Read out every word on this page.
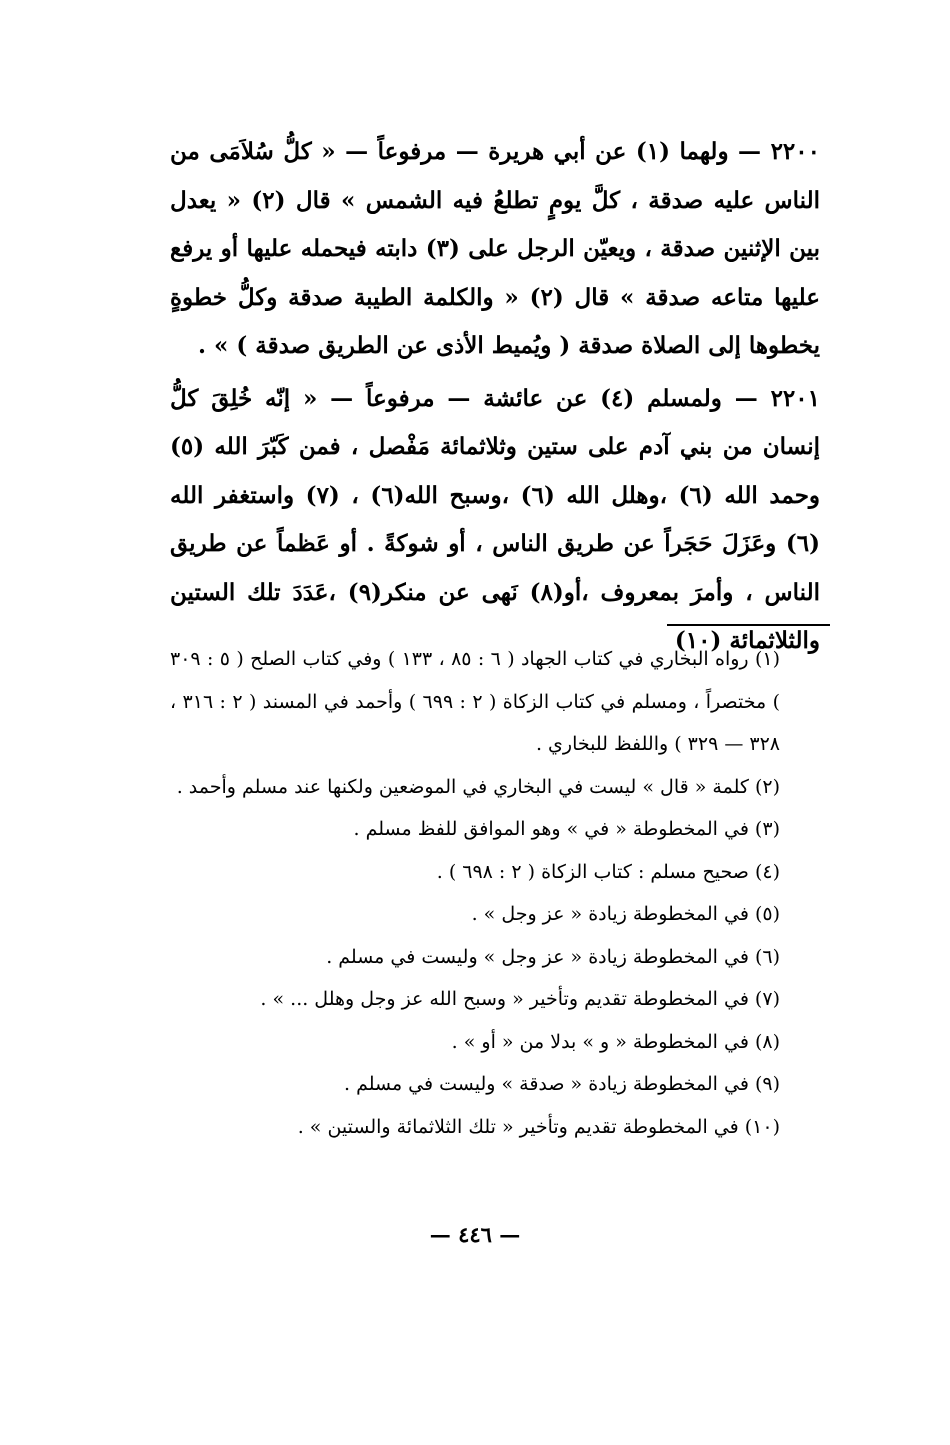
٢٢٠٠ — ولهما (١) عن أبي هريرة — مرفوعاً — « كلُّ سُلاَمَى من الناس عليه صدقة ، كلَّ يومٍ تطلعُ فيه الشمس » قال (٢) « يعدل بين الإثنين صدقة ، ويعيّن الرجل على (٣) دابته فيحمله عليها أو يرفع عليها متاعه صدقة » قال (٢) « والكلمة الطيبة صدقة وكلُّ خطوةٍ يخطوها إلى الصلاة صدقة ( ويُميط الأذى عن الطريق صدقة ) » .

٢٢٠١ — ولمسلم (٤) عن عائشة — مرفوعاً — « إنّه خُلِقَ كلُّ إنسان من بني آدم على ستين وثلاثمائة مَفْصل ، فمن كَبّرَ الله (٥) وحمد الله (٦) ،وهلل الله (٦) ،وسبح الله(٦) ، (٧) واستغفر الله (٦) وعَزَلَ حَجَراً عن طريق الناس ، أو شوكةً . أو عَظماً عن طريق الناس ، وأمرَ بمعروف ،أو(٨) نَهى عن منكر(٩) ،عَدَدَ تلك الستين والثلاثمائة (١٠)

(١) رواه البخاري في كتاب الجهاد ( ٦ : ٨٥ ، ١٣٣ ) وفي كتاب الصلح ( ٥ : ٣٠٩ ) مختصراً ، ومسلم في كتاب الزكاة ( ٢ : ٦٩٩ ) وأحمد في المسند ( ٢ : ٣١٦ ، ٣٢٨ — ٣٢٩ ) واللفظ للبخاري .

(٢) كلمة « قال » ليست في البخاري في الموضعين ولكنها عند مسلم وأحمد .

(٣) في المخطوطة « في » وهو الموافق للفظ مسلم .

(٤) صحيح مسلم : كتاب الزكاة ( ٢ : ٦٩٨ ) .

(٥) في المخطوطة زيادة « عز وجل » .

(٦) في المخطوطة زيادة « عز وجل » وليست في مسلم .

(٧) في المخطوطة تقديم وتأخير « وسبح الله عز وجل وهلل ... » .

(٨) في المخطوطة « و » بدلا من « أو » .

(٩) في المخطوطة زيادة « صدقة » وليست في مسلم .

(١٠) في المخطوطة تقديم وتأخير « تلك الثلاثمائة والستين » .

— ٤٤٦ —
